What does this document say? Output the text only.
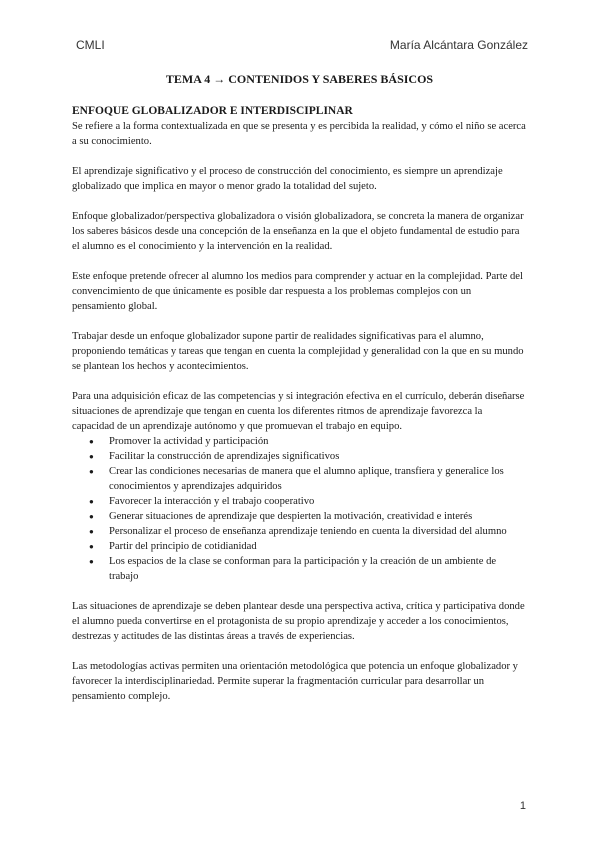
CMLI	María Alcántara González
TEMA 4 → CONTENIDOS Y SABERES BÁSICOS
ENFOQUE GLOBALIZADOR E INTERDISCIPLINAR

Se refiere a la forma contextualizada en que se presenta y es percibida la realidad, y cómo el niño se acerca a su conocimiento.

El aprendizaje significativo y el proceso de construcción del conocimiento, es siempre un aprendizaje globalizado que implica en mayor o menor grado la totalidad del sujeto.

Enfoque globalizador/perspectiva globalizadora o visión globalizadora, se concreta la manera de organizar los saberes básicos desde una concepción de la enseñanza en la que el objeto fundamental de estudio para el alumno es el conocimiento y la intervención en la realidad.

Este enfoque pretende ofrecer al alumno los medios para comprender y actuar en la complejidad. Parte del convencimiento de que únicamente es posible dar respuesta a los problemas complejos con un pensamiento global.

Trabajar desde un enfoque globalizador supone partir de realidades significativas para el alumno, proponiendo temáticas y tareas que tengan en cuenta la complejidad y generalidad con la que en su mundo se plantean los hechos y acontecimientos.

Para una adquisición eficaz de las competencias y si integración efectiva en el currículo, deberán diseñarse situaciones de aprendizaje que tengan en cuenta los diferentes ritmos de aprendizaje favorezca la capacidad de un aprendizaje autónomo y que promuevan el trabajo en equipo.

● Promover la actividad y participación
● Facilitar la construcción de aprendizajes significativos
● Crear las condiciones necesarias de manera que el alumno aplique, transfiera y generalice los conocimientos y aprendizajes adquiridos
● Favorecer la interacción y el trabajo cooperativo
● Generar situaciones de aprendizaje que despierten la motivación, creatividad e interés
● Personalizar el proceso de enseñanza aprendizaje teniendo en cuenta la diversidad del alumno
● Partir del principio de cotidianidad
● Los espacios de la clase se conforman para la participación y la creación de un ambiente de trabajo

Las situaciones de aprendizaje se deben plantear desde una perspectiva activa, crítica y participativa donde el alumno pueda convertirse en el protagonista de su propio aprendizaje y acceder a los conocimientos, destrezas y actitudes de las distintas áreas a través de experiencias.

Las metodologías activas permiten una orientación metodológica que potencia un enfoque globalizador y favorecer la interdisciplinariedad. Permite superar la fragmentación curricular para desarrollar un pensamiento complejo.

1
